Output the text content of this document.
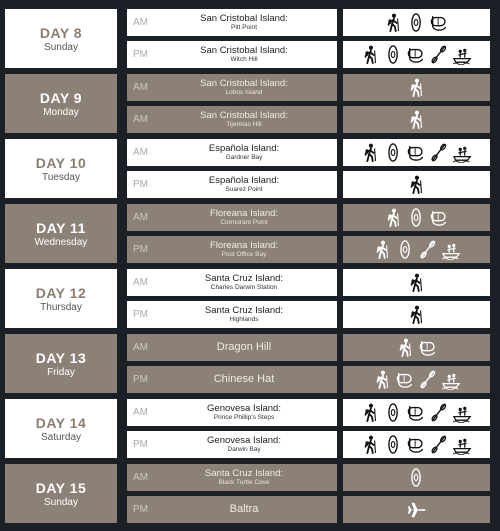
DAY 8
Sunday
AM	San Cristobal Island:
Pitt Point
PM	San Cristobal Island:
Witch Hill
DAY 9
Monday
AM	San Cristobal Island:
Lobos Island
AM	San Cristobal Island:
Tijeretas Hill
DAY 10
Tuesday
AM	Española Island:
Gardner Bay
PM	Española Island:
Suarez Point
DAY 11
Wednesday
AM	Floreana Island:
Cormorant Point
PM	Floreana Island:
Post Office Bay
DAY 12
Thursday
AM	Santa Cruz Island:
Charles Darwin Station
PM	Santa Cruz Island:
Highlands
DAY 13
Friday
AM	Dragon Hill
PM	Chinese Hat
DAY 14
Saturday
AM	Genovesa Island:
Prince Phillip's Steps
PM	Genovesa Island:
Darwin Bay
DAY 15
Sunday
AM	Santa Cruz Island:
Black Turtle Cove
PM	Baltra
